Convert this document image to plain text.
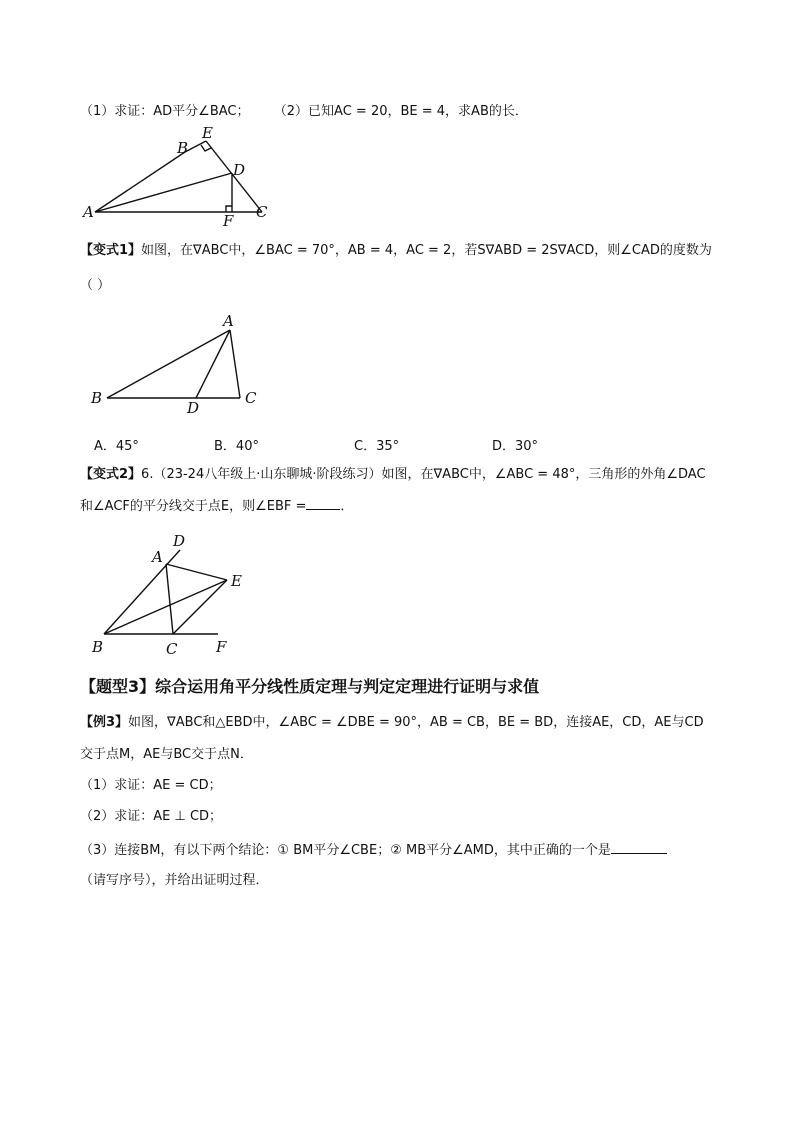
（1）求证：AD平分∠BAC； （2）已知AC = 20，BE = 4，求AB的长．
A
B
E
D
F C
A
B
D
C
D
A
E
B	C	F
【变式1】如图，在∇ABC中，∠BAC = 70°，AB = 4，AC = 2，若S∇ABD = 2S∇ACD，则∠CAD的度数为
（ ）
A．45°	B．40°	C．35°	D．30°
【变式2】6.（23-24八年级上·山东聊城·阶段练习）如图，在∇ABC中，∠ABC = 48°，三角形的外角∠DAC
和∠ACF的平分线交于点E，则∠EBF =	．
【题型3】综合运用角平分线性质定理与判定定理进行证明与求值
【例3】如图，∇ABC和△EBD中，∠ABC = ∠DBE = 90°，AB = CB，BE = BD，连接AE，CD，AE与CD
交于点M，AE与BC交于点N．
（1）求证：AE = CD；
（2）求证：AE ⊥ CD；
（3）连接BM，有以下两个结论：① BM平分∠CBE；② MB平分∠AMD，其中正确的一个是
（请写序号），并给出证明过程．
